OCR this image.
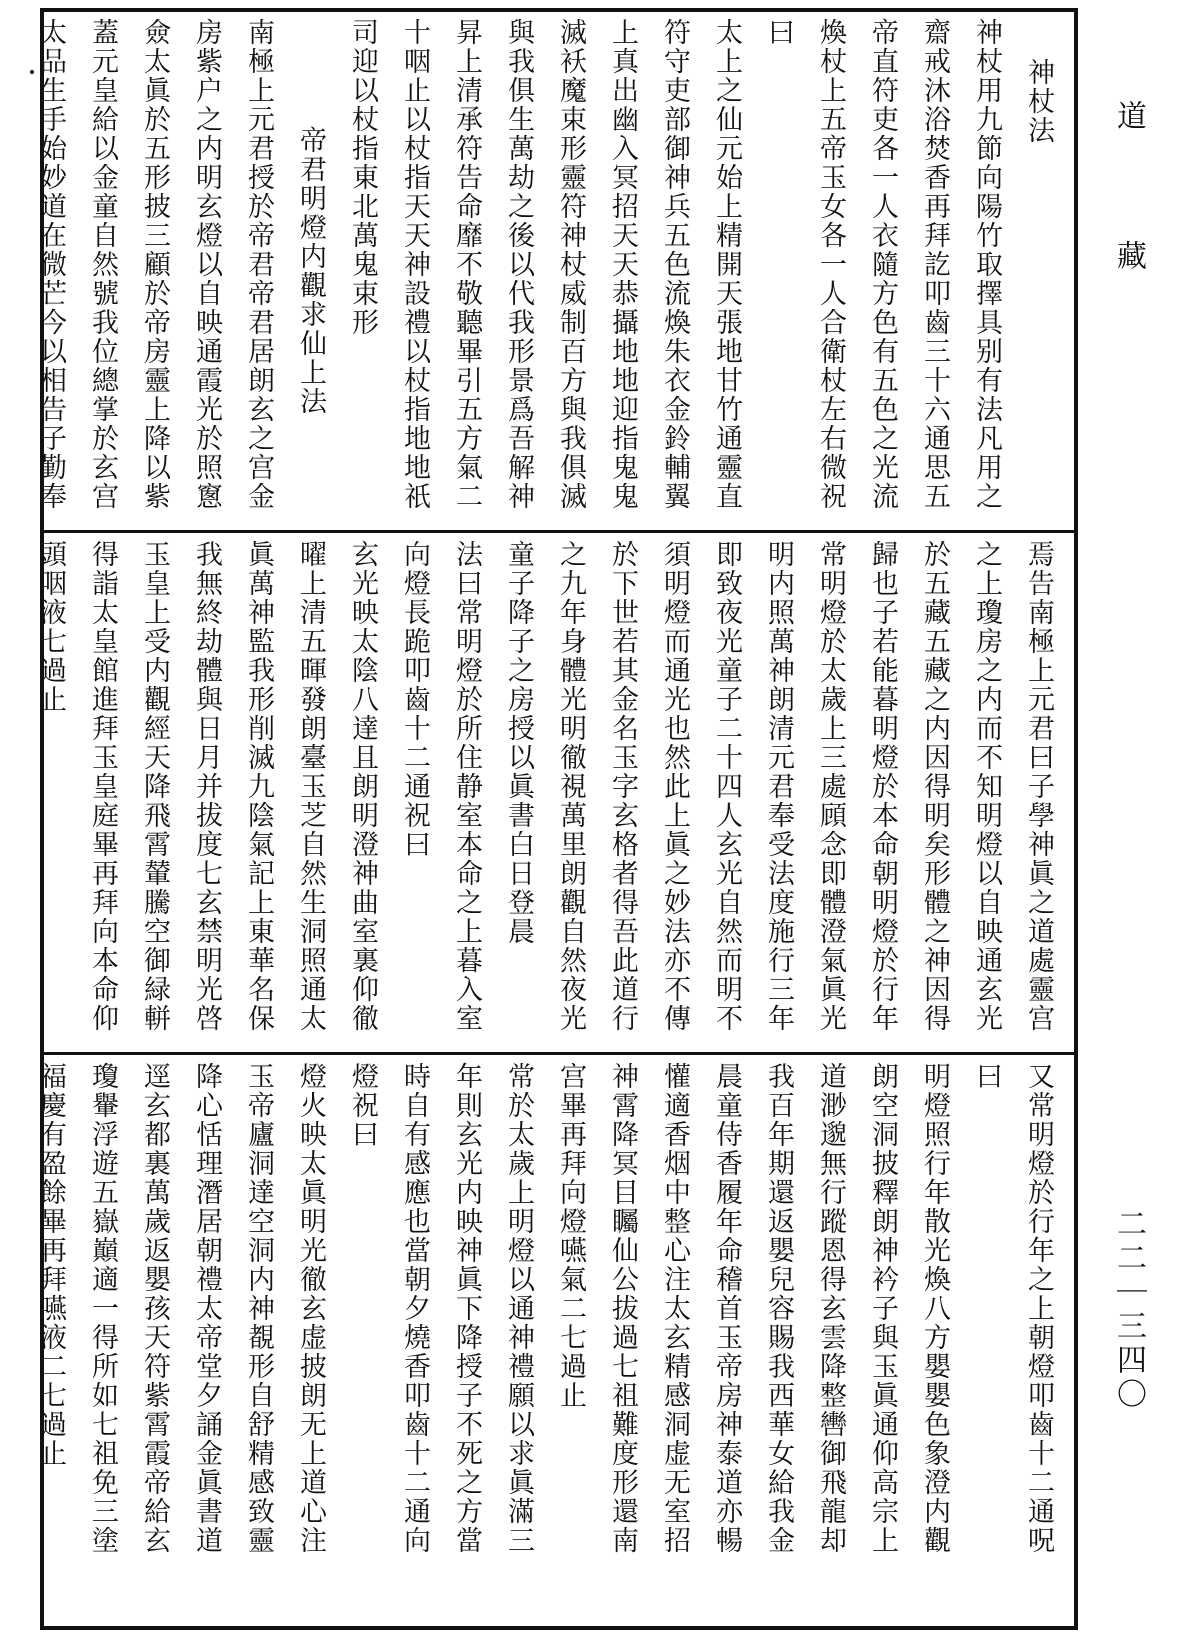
神杖法
神杖用九節向陽竹取擇具别有法凡用之
齋戒沐浴焚香再拜訖叩齒三十六通思五
帝直符吏各一人衣隨方色有五色之光流
煥杖上五帝玉女各一人合衛杖左右微祝
曰
太上之仙元始上精開天張地甘竹通靈直
符守吏部御神兵五色流煥朱衣金鈴輔翼
上真出幽入冥招天天恭攝地地迎指鬼鬼
滅袄魔束形靈符神杖威制百方與我俱滅
與我俱生萬劫之後以代我形景爲吾解神
昇上清承符告命靡不敬聽畢引五方氣二
十咽止以杖指天天神設禮以杖指地地祇
司迎以杖指東北萬鬼束形
帝君明燈内觀求仙上法
南極上元君授於帝君帝君居朗玄之宫金
房紫户之内明玄燈以自映通霞光於照窻
僉太眞於五形披三顧於帝房靈上降以紫
蓋元皇給以金童自然號我位總掌於玄宫
太品生手始妙道在微芒今以相告子勤奉
焉告南極上元君曰子學神眞之道處靈宫
之上瓊房之内而不知明燈以自映通玄光
於五藏五藏之内因得明矣形體之神因得
歸也子若能暮明燈於本命朝明燈於行年
常明燈於太歲上三處頋念即體澄氣眞光
明内照萬神朗清元君奉受法度施行三年
即致夜光童子二十四人玄光自然而明不
須明燈而通光也然此上眞之妙法亦不傳
於下世若其金名玉字玄格者得吾此道行
之九年身體光明徹視萬里朗觀自然夜光
童子降子之房授以眞書白日登晨
法曰常明燈於所住静室本命之上暮入室
向燈長跪叩齒十二通祝曰
玄光映太陰八達且朗明澄神曲室裏仰徹
曜上清五暉發朗臺玉芝自然生洞照通太
眞萬神監我形削滅九陰氣記上東華名保
我無終劫體與日月并拔度七玄禁明光啓
玉皇上受内觀經天降飛霄輦騰空御緑軿
得詣太皇館進拜玉皇庭畢再拜向本命仰
頭咽液七過止
又常明燈於行年之上朝燈叩齒十二通呪
曰
明燈照行年散光煥八方嬰嬰色象澄内觀
朗空洞披釋朗神衿子與玉眞通仰高宗上
道渺邈無行蹤恩得玄雲降整轡御飛龍却
我百年期還返嬰兒容賜我西華女給我金
晨童侍香履年命稽首玉帝房神泰道亦暢
懽適香烟中整心注太玄精感洞虚无室招
神霄降冥目矚仙公拔過七祖難度形還南
宫畢再拜向燈嚥氣二七過止
常於太歲上明燈以通神禮願以求眞滿三
年則玄光内映神眞下降授子不死之方當
時自有感應也當朝夕燒香叩齒十二通向
燈祝曰
燈火映太眞明光徹玄虚披朗无上道心注
玉帝廬洞達空洞内神覩形自舒精感致靈
降心恬理潛居朝禮太帝堂夕誦金眞書道
逕玄都裏萬歲返嬰孩天符紫霄霞帝給玄
瓊轝浮遊五嶽巔適一得所如七祖免三塗
福慶有盈餘畢再拜嚥液二七過止
道藏
二二｜三四〇
